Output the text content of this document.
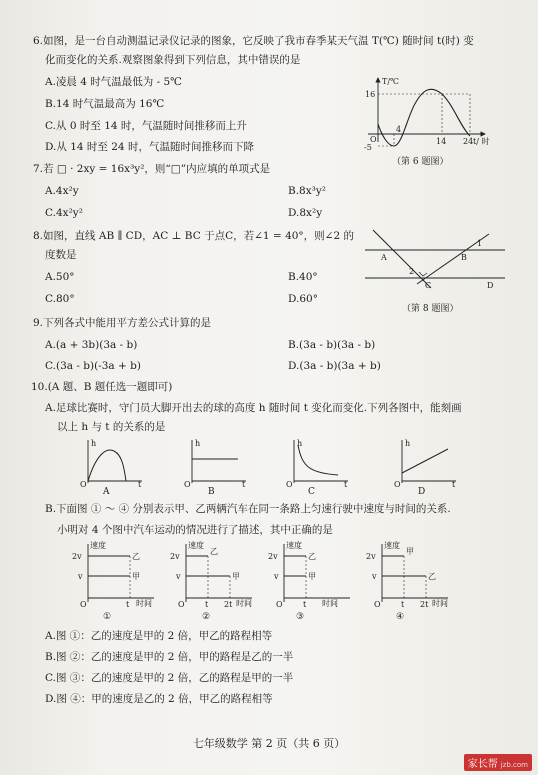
6.如图，是一台自动测温记录仪记录的图象，它反映了我市春季某天气温 T(℃) 随时间 t(时) 变
化而变化的关系.观察图象得到下列信息，其中错误的是
A.凌晨 4 时气温最低为 - 5℃
B.14 时气温最高为 16℃
C.从 0 时至 14 时，气温随时间推移而上升
D.从 14 时至 24 时，气温随时间推移而下降
T/℃
16
O
-5
4
14 24 t/ 时
（第 6 题图）
7.若 □ · 2xy = 16x³y²，则“□”内应填的单项式是
A.4x²y	B.8x³y²
C.4x²y²	D.8x²y
8.如图，直线 AB ∥ CD，AC ⊥ BC 于点C，若∠1 = 40°，则∠2 的
度数是
A.50°	B.40°
C.80°	D.60°
A	B
C	D
1
2
（第 8 题图）
9.下列各式中能用平方差公式计算的是
A.(a + 3b)(3a - b)	B.(3a - b)(3a - b)
C.(3a - b)(-3a + b)	D.(3a - b)(3a + b)
10.(A 题、B 题任选一题即可)
A.足球比赛时，守门员大脚开出去的球的高度 h 随时间 t 变化而变化.下列各图中，能刻画
以上 h 与 t 的关系的是
h
O	t
A
h
O	t
B
h
O	t
C
h
O	t
D
B.下面图 ① ～ ④ 分别表示甲、乙两辆汽车在同一条路上匀速行驶中速度与时间的关系.
小明对 4 个图中汽车运动的情况进行了描述，其中正确的是
速度
2v
v
乙
甲
O	t 时间
①
速度
2v
v
乙
甲
O	t 2t 时间
②
速度
2v
v
乙
甲
O	t 时间
③
速度
2v
v
甲
乙
O	t 2t 时间
④
A.图 ①：乙的速度是甲的 2 倍，甲乙的路程相等
B.图 ②：乙的速度是甲的 2 倍，甲的路程是乙的一半
C.图 ③：乙的速度是甲的 2 倍，乙的路程是甲的一半
D.图 ④：甲的速度是乙的 2 倍，甲乙的路程相等
七年级数学 第 2 页（共 6 页）
家长帮 jzb.com
